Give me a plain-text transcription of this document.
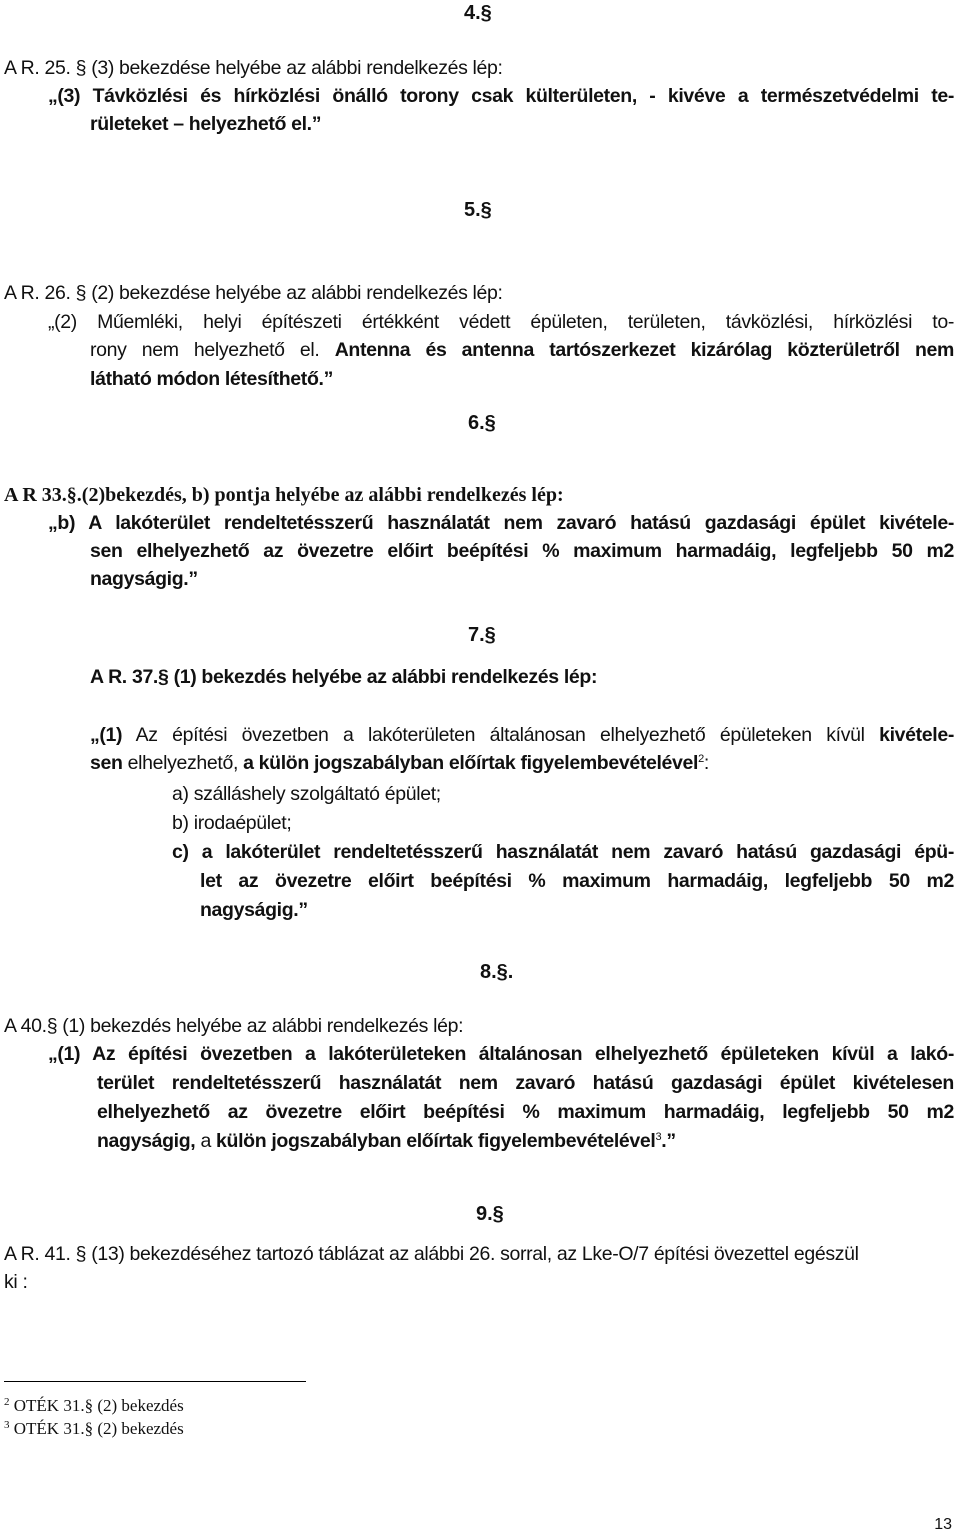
4.§
A R. 25. § (3) bekezdése helyébe az alábbi rendelkezés lép:
„(3) Távközlési és hírközlési önálló torony csak külterületen, - kivéve a természetvédelmi te-
rületeket – helyezhető el.”
5.§
A R. 26. § (2) bekezdése helyébe az alábbi rendelkezés lép:
„(2) Műemléki, helyi építészeti értékként védett épületen, területen, távközlési, hírközlési to-
rony nem helyezhető el. Antenna és antenna tartószerkezet kizárólag közterületről nem
látható módon létesíthető.”
6.§
A R 33.§.(2)bekezdés, b) pontja helyébe az alábbi rendelkezés lép:
„b) A lakóterület rendeltetésszerű használatát nem zavaró hatású gazdasági épület kivétele-
sen elhelyezhető az övezetre előirt beépítési % maximum harmadáig, legfeljebb 50 m2
nagyságig.”
7.§
A R. 37.§ (1) bekezdés helyébe az alábbi rendelkezés lép:
„(1) Az építési övezetben a lakóterületen általánosan elhelyezhető épületeken kívül kivétele-
sen elhelyezhető, a külön jogszabályban előírtak figyelembevételével$^2$:
a) szálláshely szolgáltató épület;
b) irodaépület;
c) a lakóterület rendeltetésszerű használatát nem zavaró hatású gazdasági épü-
let az övezetre előirt beépítési % maximum harmadáig, legfeljebb 50 m2
nagyságig.”
8.§.
A 40.§ (1) bekezdés helyébe az alábbi rendelkezés lép:
„(1) Az építési övezetben a lakóterületeken általánosan elhelyezhető épületeken kívül a lakó-
terület rendeltetésszerű használatát nem zavaró hatású gazdasági épület kivételesen
elhelyezhető az övezetre előirt beépítési % maximum harmadáig, legfeljebb 50 m2
nagyságig, a külön jogszabályban előírtak figyelembevételével$^3$.”
9.§
A R. 41. § (13) bekezdéséhez tartozó táblázat az alábbi 26. sorral, az Lke-O/7 építési övezettel egészül
ki :
$^2$ OTÉK 31.§ (2) bekezdés
$^3$ OTÉK 31.§ (2) bekezdés
13
